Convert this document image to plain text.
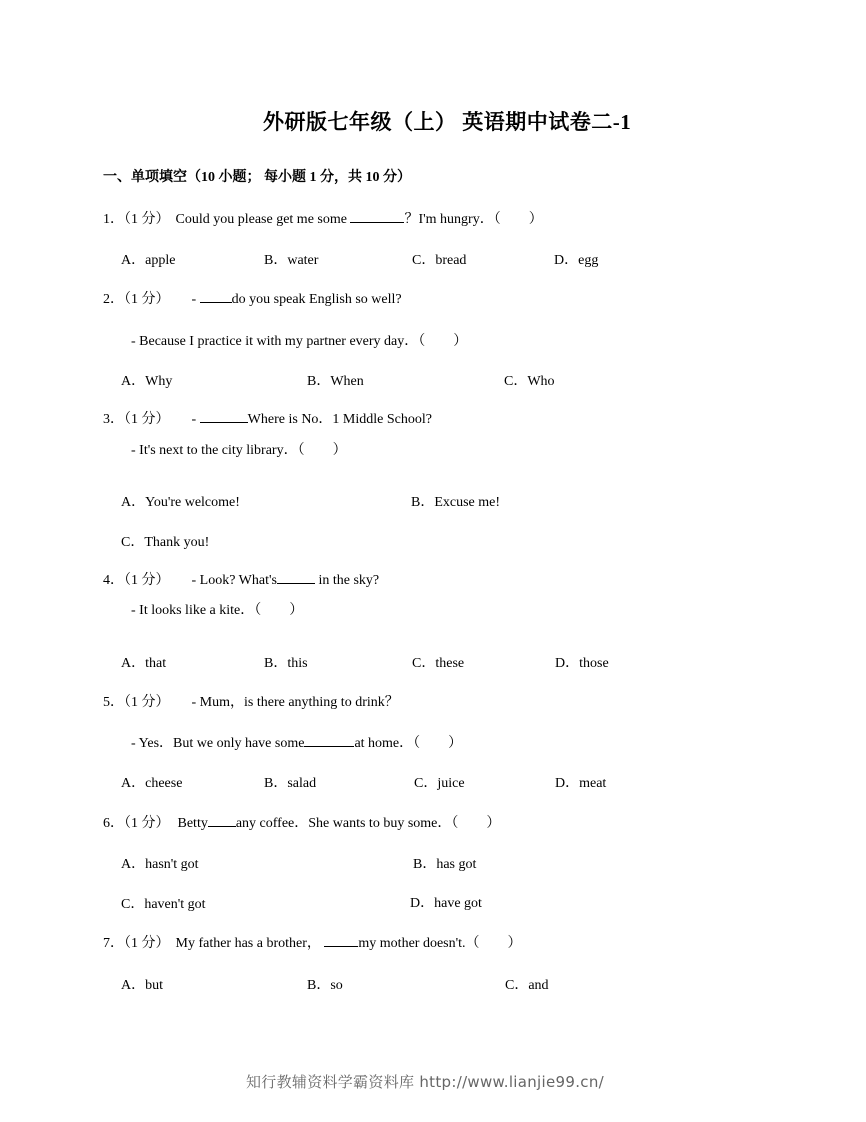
外研版七年级（上） 英语期中试卷二-1
一、单项填空（10 小题； 每小题 1 分，共 10 分）
1．（1 分） Could you please get me some	？I'm hungry．（　　）
A．apple	B．water	C．bread	D．egg
2．（1 分） -	do you speak English so well?
- Because I practice it with my partner every day．（　　）
A．Why	B．When	C．Who
3．（1 分） -	Where is No．1 Middle School?
- It's next to the city library．（　　）
A．You're welcome!	B．Excuse me!
C．Thank you!
4．（1 分） - Look? What's	in the sky?
- It looks like a kite．（　　）
A．that	B．this	C．these	D．those
5．（1 分） - Mum，is there anything to drink？
- Yes．But we only have some	at home．（　　）
A．cheese	B．salad	C．juice	D．meat
6．（1 分） Betty any coffee．She wants to buy some．（　　）
A．hasn't got	B．has got
C．haven't got	D．have got
7．（1 分） My father has a brother，	my mother doesn't.（　　）
A．but	B．so	C．and
知行教辅资料学霸资料库 http://www.lianjie99.cn/
